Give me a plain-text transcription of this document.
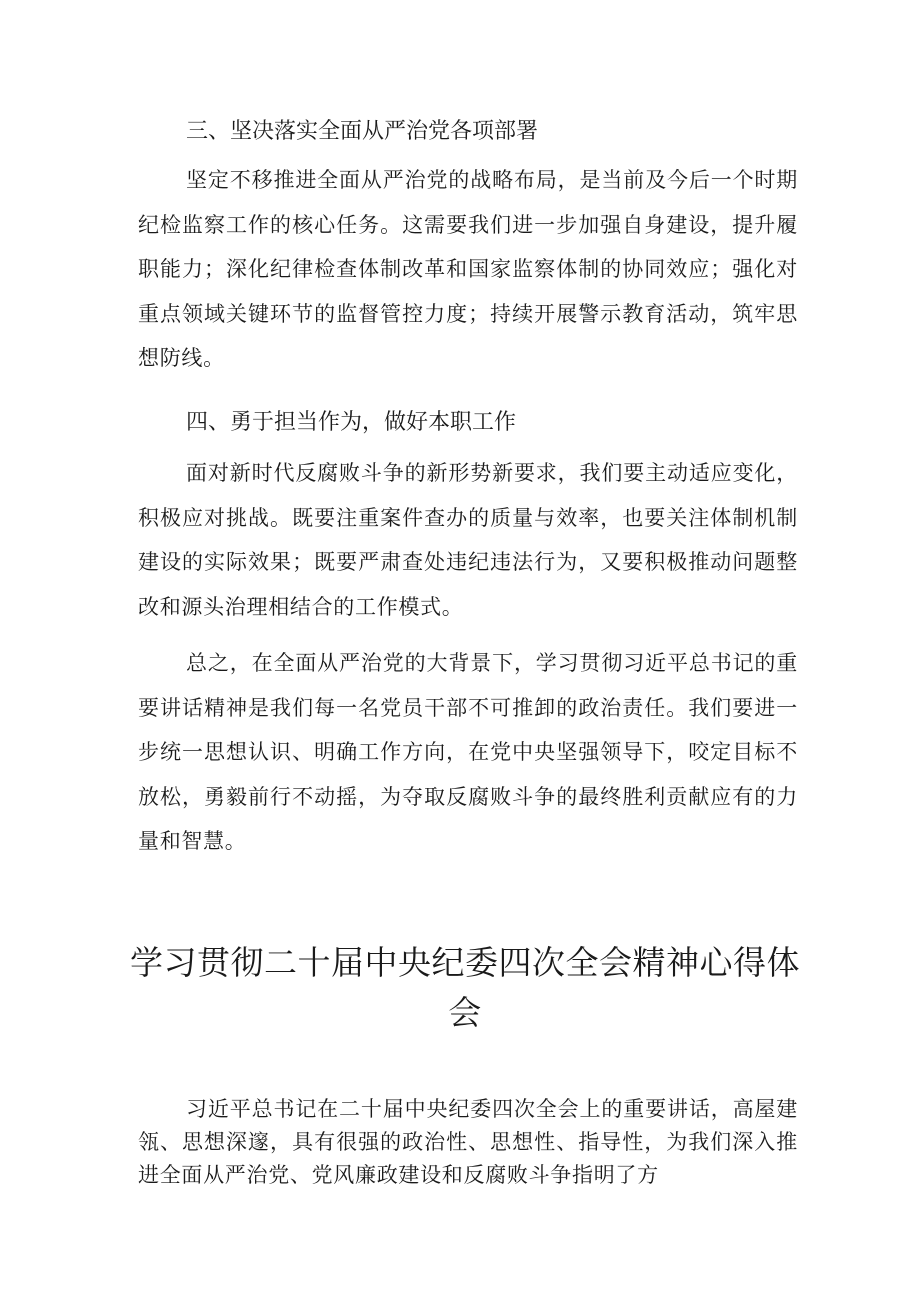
三、坚决落实全面从严治党各项部署

坚定不移推进全面从严治党的战略布局，是当前及今后一个时期纪检监察工作的核心任务。这需要我们进一步加强自身建设，提升履职能力；深化纪律检查体制改革和国家监察体制的协同效应；强化对重点领域关键环节的监督管控力度；持续开展警示教育活动，筑牢思想防线。

四、勇于担当作为，做好本职工作

面对新时代反腐败斗争的新形势新要求，我们要主动适应变化，积极应对挑战。既要注重案件查办的质量与效率，也要关注体制机制建设的实际效果；既要严肃查处违纪违法行为，又要积极推动问题整改和源头治理相结合的工作模式。

总之，在全面从严治党的大背景下，学习贯彻习近平总书记的重要讲话精神是我们每一名党员干部不可推卸的政治责任。我们要进一步统一思想认识、明确工作方向，在党中央坚强领导下，咬定目标不放松，勇毅前行不动摇，为夺取反腐败斗争的最终胜利贡献应有的力量和智慧。

学习贯彻二十届中央纪委四次全会精神心得体会

习近平总书记在二十届中央纪委四次全会上的重要讲话，高屋建瓴、思想深邃，具有很强的政治性、思想性、指导性，为我们深入推进全面从严治党、党风廉政建设和反腐败斗争指明了方
